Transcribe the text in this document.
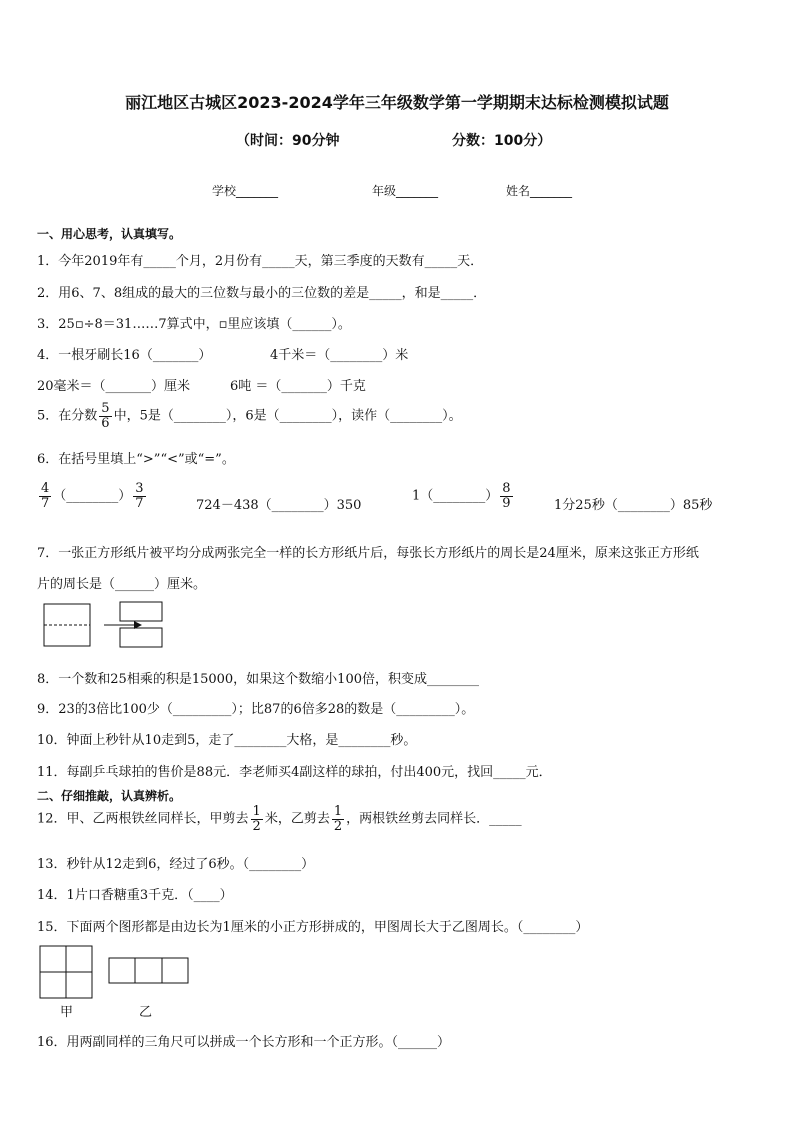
丽江地区古城区2023-2024学年三年级数学第一学期期末达标检测模拟试题
（时间：90分钟	分数：100分）
学校_______	年级_______	姓名_______
一、用心思考，认真填写。
1．今年2019年有_____个月，2月份有_____天，第三季度的天数有_____天．
2．用6、7、8组成的最大的三位数与最小的三位数的差是_____，和是_____．
3．25▫÷8＝31……7算式中，▫里应该填（______）。
4．一根牙刷长16（_______）	4千米＝（________）米
20毫米＝（_______）厘米	6吨 ＝（_______）千克
5．在分数 $\frac{5}{6}$ 中，5是（________），6是（________），读作（________）。
6．在括号里填上“>”“<”或“=”。
$\frac{4}{7}$ （________） $\frac{3}{7}$	724－438（________）350
1（________） $\frac{8}{9}$	1分25秒（________）85秒
7．一张正方形纸片被平均分成两张完全一样的长方形纸片后，每张长方形纸片的周长是24厘米，原来这张正方形纸
片的周长是（______）厘米。
8．一个数和25相乘的积是15000，如果这个数缩小100倍，积变成________
9．23的3倍比100少（_________）；比87的6倍多28的数是（_________）。
10．钟面上秒针从10走到5，走了________大格，是________秒。
11．每副乒乓球拍的售价是88元．李老师买4副这样的球拍，付出400元，找回_____元．
二、仔细推敲，认真辨析。
12．甲、乙两根铁丝同样长，甲剪去 $\frac{1}{2}$ 米，乙剪去 $\frac{1}{2}$ ，两根铁丝剪去同样长．_____
13．秒针从12走到6，经过了6秒。（________）
14．1片口香糖重3千克．（____）
15．下面两个图形都是由边长为1厘米的小正方形拼成的，甲图周长大于乙图周长。（________）
甲	乙
16．用两副同样的三角尺可以拼成一个长方形和一个正方形。（______）
